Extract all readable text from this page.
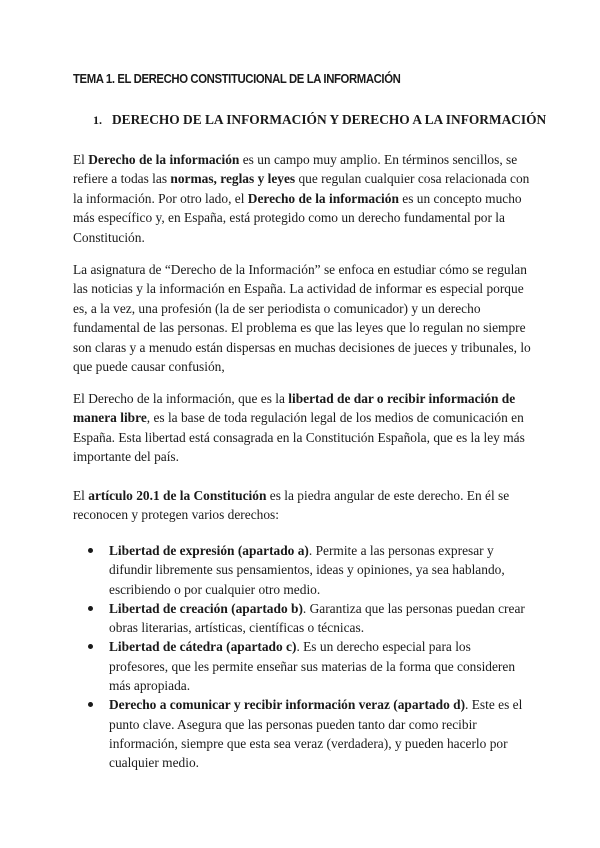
TEMA 1. EL DERECHO CONSTITUCIONAL DE LA INFORMACIÓN
1. DERECHO DE LA INFORMACIÓN Y DERECHO A LA INFORMACIÓN

El Derecho de la información es un campo muy amplio. En términos sencillos, se refiere a todas las normas, reglas y leyes que regulan cualquier cosa relacionada con la información. Por otro lado, el Derecho de la información es un concepto mucho más específico y, en España, está protegido como un derecho fundamental por la Constitución.

La asignatura de “Derecho de la Información” se enfoca en estudiar cómo se regulan las noticias y la información en España. La actividad de informar es especial porque es, a la vez, una profesión (la de ser periodista o comunicador) y un derecho fundamental de las personas. El problema es que las leyes que lo regulan no siempre son claras y a menudo están dispersas en muchas decisiones de jueces y tribunales, lo que puede causar confusión,

El Derecho de la información, que es la libertad de dar o recibir información de manera libre, es la base de toda regulación legal de los medios de comunicación en España. Esta libertad está consagrada en la Constitución Española, que es la ley más importante del país.

El artículo 20.1 de la Constitución es la piedra angular de este derecho. En él se reconocen y protegen varios derechos:

Libertad de expresión (apartado a). Permite a las personas expresar y difundir libremente sus pensamientos, ideas y opiniones, ya sea hablando, escribiendo o por cualquier otro medio.
Libertad de creación (apartado b). Garantiza que las personas puedan crear obras literarias, artísticas, científicas o técnicas.
Libertad de cátedra (apartado c). Es un derecho especial para los profesores, que les permite enseñar sus materias de la forma que consideren más apropiada.
Derecho a comunicar y recibir información veraz (apartado d). Este es el punto clave. Asegura que las personas pueden tanto dar como recibir información, siempre que esta sea veraz (verdadera), y pueden hacerlo por cualquier medio.
